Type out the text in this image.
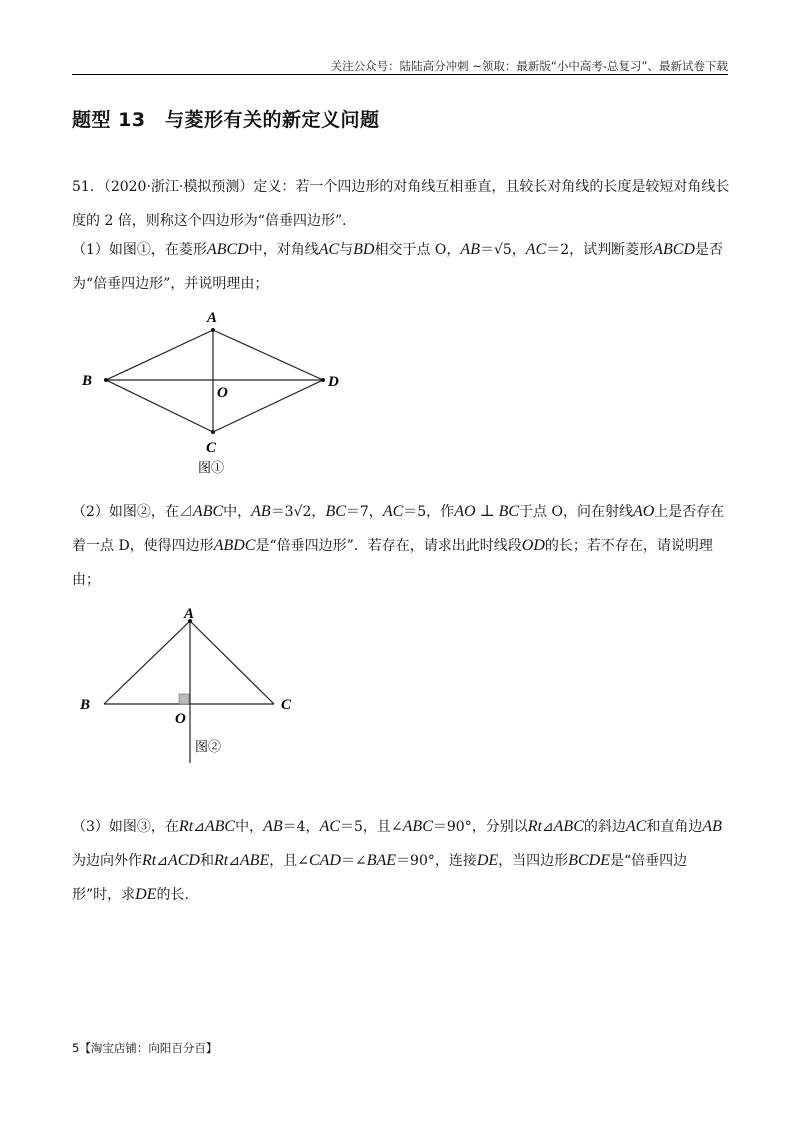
关注公众号：陆陆高分冲刺 ~领取：最新版“小中高考-总复习”、最新试卷下载
题型 13　与菱形有关的新定义问题
51．（2020·浙江·模拟预测）定义：若一个四边形的对角线互相垂直，且较长对角线的长度是较短对角线长度的 2 倍，则称这个四边形为“倍垂四边形”．
（1）如图①，在菱形ABCD中，对角线AC与BD相交于点 O，AB＝√5，AC＝2，试判断菱形ABCD是否为“倍垂四边形”，并说明理由；
A
B
C
D
O
图①
（2）如图②，在⊿ABC中，AB＝3√2，BC＝7，AC＝5，作AO ⊥ BC于点 O，问在射线AO上是否存在着一点 D，使得四边形ABDC是“倍垂四边形”．若存在，请求出此时线段OD的长；若不存在，请说明理由；
A
B	C
O
图②
（3）如图③，在Rt⊿ABC中，AB＝4，AC＝5，且∠ABC＝90°，分别以Rt⊿ABC的斜边AC和直角边AB为边向外作Rt⊿ACD和Rt⊿ABE，且∠CAD＝∠BAE＝90°，连接DE，当四边形BCDE是“倍垂四边形”时，求DE的长.
5【淘宝店铺：向阳百分百】
